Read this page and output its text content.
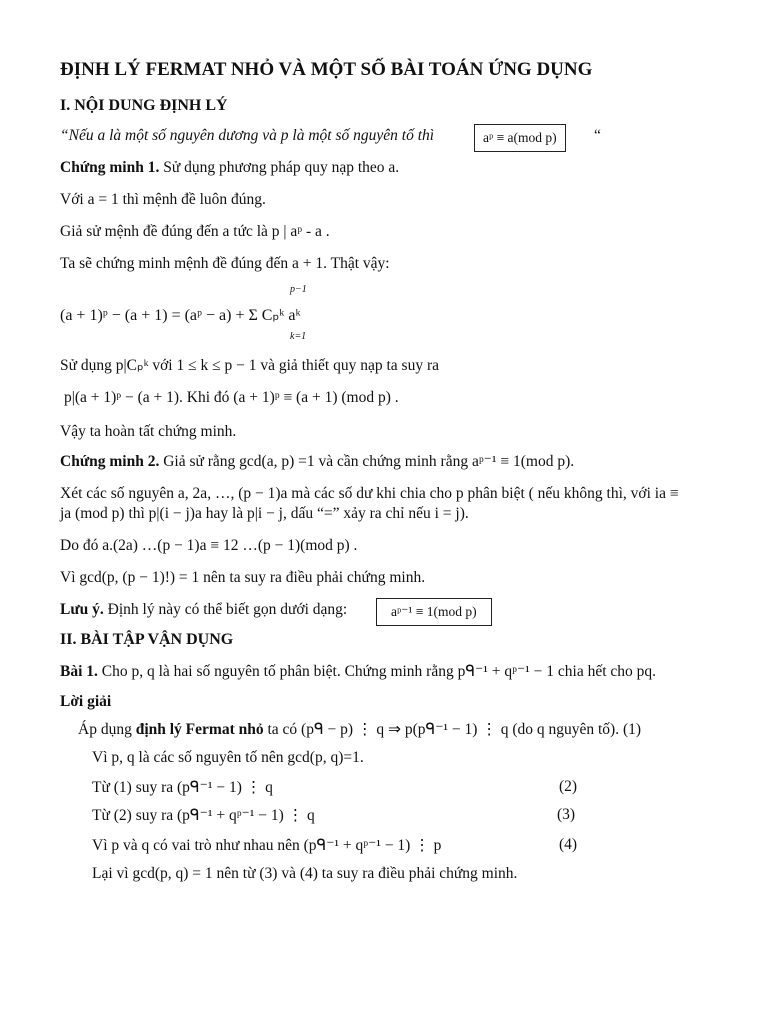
ĐỊNH LÝ FERMAT NHỎ VÀ MỘT SỐ BÀI TOÁN ỨNG DỤNG
I. NỘI DUNG ĐỊNH LÝ
“Nếu a là một số nguyên dương và p là một số nguyên tố thì	aᵖ ≡ a(mod p)	“
Chứng minh 1. Sử dụng phương pháp quy nạp theo a.
Với a = 1 thì mệnh đề luôn đúng.
Giả sử mệnh đề đúng đến a tức là p | aᵖ - a .
Ta sẽ chứng minh mệnh đề đúng đến a + 1. Thật vậy:
(a + 1)ᵖ − (a + 1) = (aᵖ − a) + Σ Cₚᵏ aᵏ
p−1
k=1
Sử dụng p|Cₚᵏ với 1 ≤ k ≤ p − 1 và giả thiết quy nạp ta suy ra
p|(a + 1)ᵖ − (a + 1). Khi đó (a + 1)ᵖ ≡ (a + 1) (mod p) .
Vậy ta hoàn tất chứng minh.
Chứng minh 2. Giả sử rằng gcd(a, p) =1 và cần chứng minh rằng aᵖ⁻¹ ≡ 1(mod p).
Xét các số nguyên a, 2a, …, (p − 1)a mà các số dư khi chia cho p phân biệt ( nếu không thì, với ia ≡
ja (mod p) thì p|(i − j)a hay là p|i − j, dấu “=” xảy ra chỉ nếu i = j).
Do đó a.(2a) …(p − 1)a ≡ 12 …(p − 1)(mod p) .
Vì gcd(p, (p − 1)!) = 1 nên ta suy ra điều phải chứng minh.
Lưu ý. Định lý này có thể biết gọn dưới dạng:	aᵖ⁻¹ ≡ 1(mod p)
II. BÀI TẬP VẬN DỤNG
Bài 1. Cho p, q là hai số nguyên tố phân biệt. Chứng minh rằng pᑫ⁻¹ + qᵖ⁻¹ − 1 chia hết cho pq.
Lời giải
Áp dụng định lý Fermat nhỏ ta có (pᑫ − p) ⋮ q ⇒ p(pᑫ⁻¹ − 1) ⋮ q (do q nguyên tố). (1)
Vì p, q là các số nguyên tố nên gcd(p, q)=1.
Từ (1) suy ra (pᑫ⁻¹ − 1) ⋮ q	(2)
Từ (2) suy ra (pᑫ⁻¹ + qᵖ⁻¹ − 1) ⋮ q	(3)
Vì p và q có vai trò như nhau nên (pᑫ⁻¹ + qᵖ⁻¹ − 1) ⋮ p	(4)
Lại vì gcd(p, q) = 1 nên từ (3) và (4) ta suy ra điều phải chứng minh.
